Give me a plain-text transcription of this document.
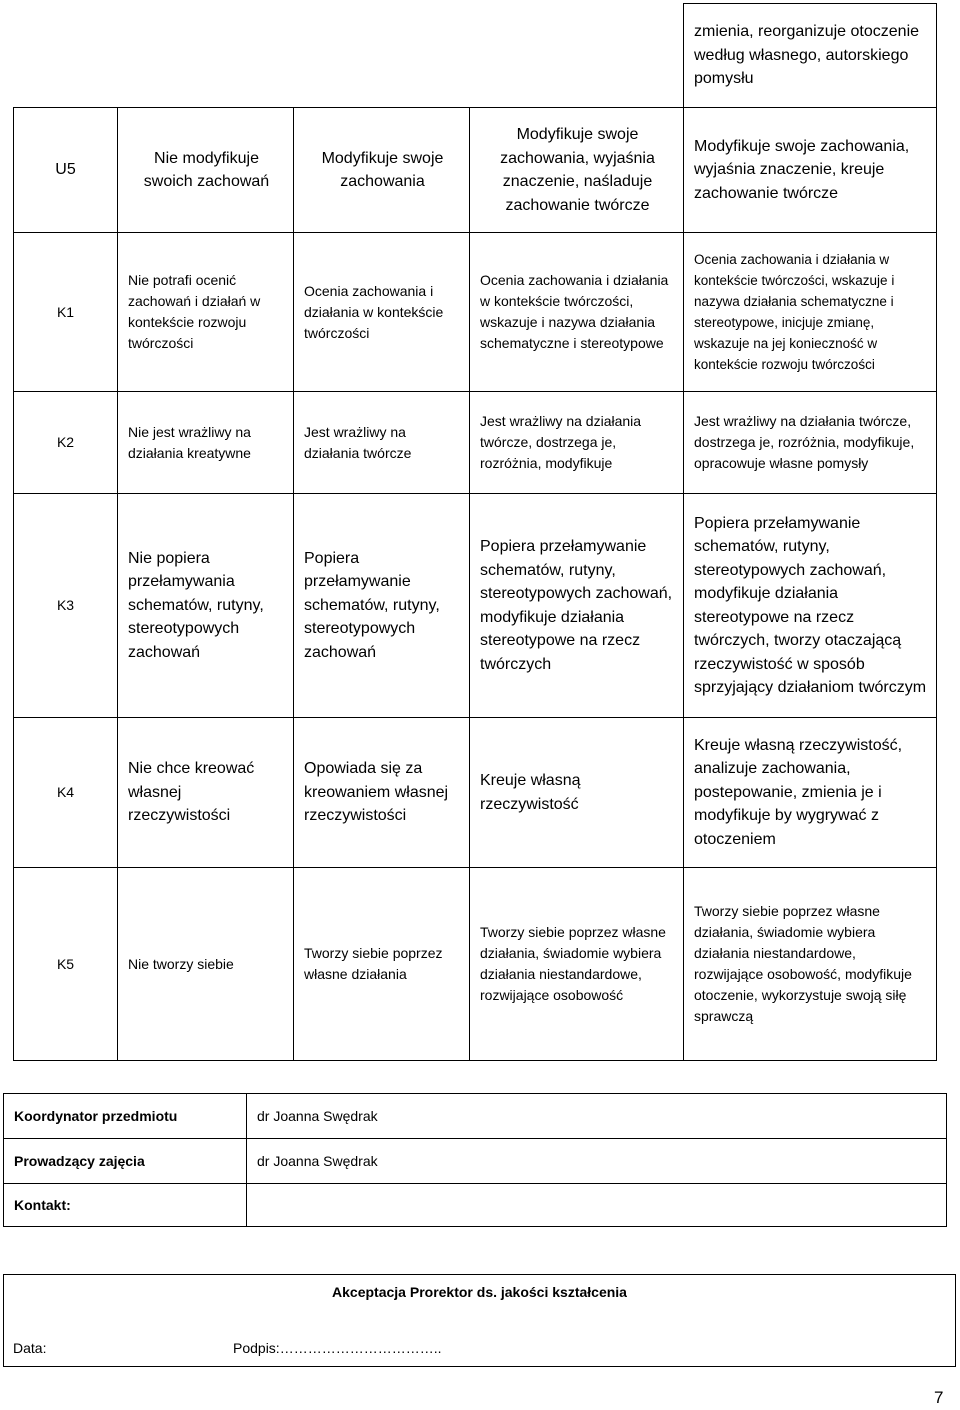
				zmienia, reorganizuje otoczenie według własnego, autorskiego pomysłu
U5	Nie modyfikuje swoich zachowań	Modyfikuje swoje zachowania	Modyfikuje swoje zachowania, wyjaśnia znaczenie, naśladuje zachowanie twórcze	Modyfikuje swoje zachowania, wyjaśnia znaczenie, kreuje zachowanie twórcze
K1	Nie potrafi ocenić zachowań i działań w kontekście rozwoju twórczości	Ocenia zachowania i działania w kontekście twórczości	Ocenia zachowania i działania w kontekście twórczości, wskazuje i nazywa działania schematyczne i stereotypowe	Ocenia zachowania i działania w kontekście twórczości, wskazuje i nazywa działania schematyczne i stereotypowe, inicjuje zmianę, wskazuje na jej konieczność w kontekście rozwoju twórczości
K2	Nie jest wrażliwy na działania kreatywne	Jest wrażliwy na działania twórcze	Jest wrażliwy na działania twórcze, dostrzega je, rozróżnia, modyfikuje	Jest wrażliwy na działania twórcze, dostrzega je, rozróżnia, modyfikuje, opracowuje własne pomysły
K3	Nie popiera przełamywania schematów, rutyny, stereotypowych zachowań	Popiera przełamywanie schematów, rutyny, stereotypowych zachowań	Popiera przełamywanie schematów, rutyny, stereotypowych zachowań, modyfikuje działania stereotypowe na rzecz twórczych	Popiera przełamywanie schematów, rutyny, stereotypowych zachowań, modyfikuje działania stereotypowe na rzecz twórczych, tworzy otaczającą rzeczywistość w sposób sprzyjający działaniom twórczym
K4	Nie chce kreować własnej rzeczywistości	Opowiada się za kreowaniem własnej rzeczywistości	Kreuje własną rzeczywistość	Kreuje własną rzeczywistość, analizuje zachowania, postepowanie, zmienia je i modyfikuje by wygrywać z otoczeniem
K5	Nie tworzy siebie	Tworzy siebie poprzez własne działania	Tworzy siebie poprzez własne działania, świadomie wybiera działania niestandardowe, rozwijające osobowość	Tworzy siebie poprzez własne działania, świadomie wybiera działania niestandardowe, rozwijające osobowość, modyfikuje otoczenie, wykorzystuje swoją siłę sprawczą
Koordynator przedmiotu	dr Joanna Swędrak
Prowadzący zajęcia	dr Joanna Swędrak
Kontakt:	
Akceptacja Prorektor ds. jakości kształcenia

Data:	Podpis:……………………………..
7
